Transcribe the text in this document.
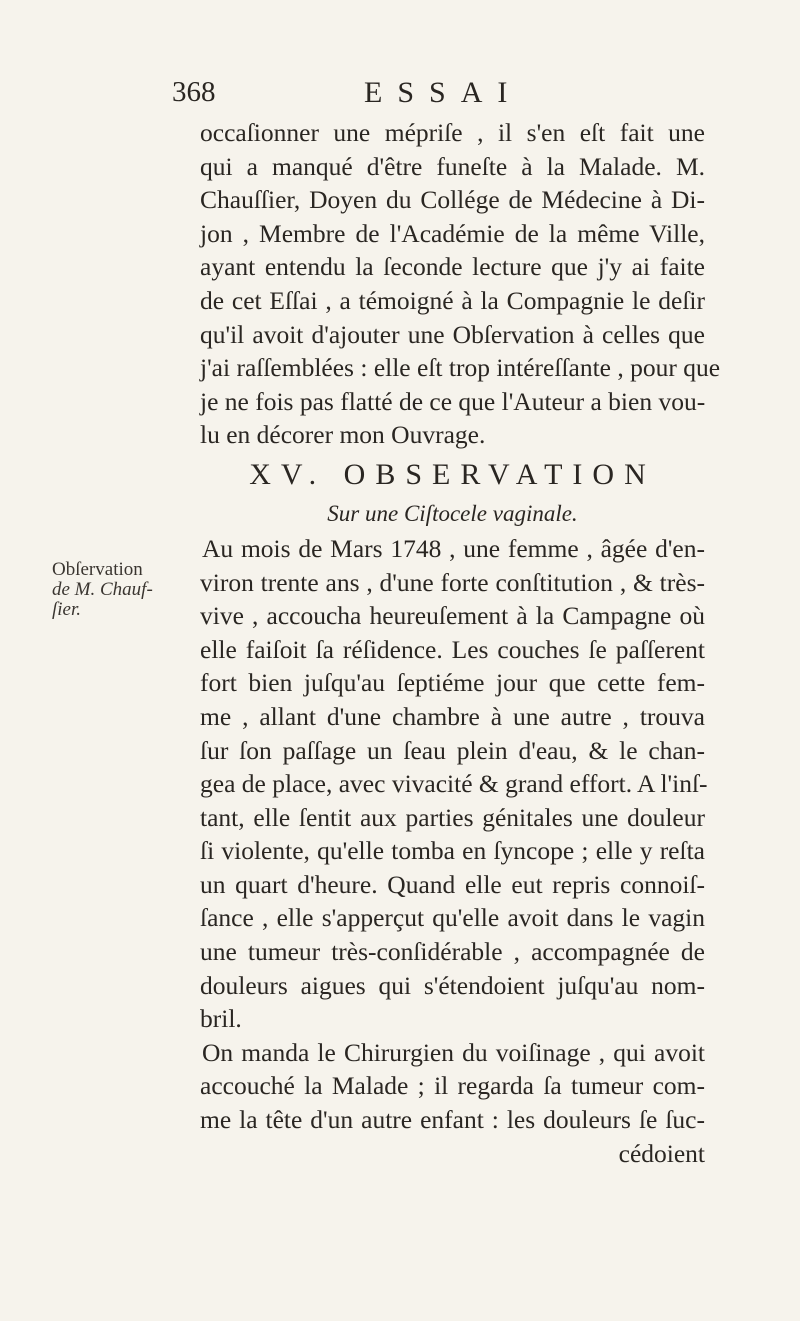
368	ESSAI
Obſervation
de M. Chauf-
ſier.
occaſionner une mépriſe , il s'en eſt fait une
qui a manqué d'être funeſte à la Malade. M.
Chauſſier, Doyen du Collége de Médecine à Di-
jon , Membre de l'Académie de la même Ville,
ayant entendu la ſeconde lecture que j'y ai faite
de cet Eſſai , a témoigné à la Compagnie le deſir
qu'il avoit d'ajouter une Obſervation à celles que
j'ai raſſemblées : elle eſt trop intéreſſante , pour que
je ne fois pas flatté de ce que l'Auteur a bien vou-
lu en décorer mon Ouvrage.
XV. OBSERVATION
Sur une Ciſtocele vaginale.
Au mois de Mars 1748 , une femme , âgée d'en-
viron trente ans , d'une forte conſtitution , & très-
vive , accoucha heureuſement à la Campagne où
elle faiſoit ſa réſidence. Les couches ſe paſſerent
fort bien juſqu'au ſeptiéme jour que cette fem-
me , allant d'une chambre à une autre , trouva
ſur ſon paſſage un ſeau plein d'eau, & le chan-
gea de place, avec vivacité & grand effort. A l'inſ-
tant, elle ſentit aux parties génitales une douleur
ſi violente, qu'elle tomba en ſyncope ; elle y reſta
un quart d'heure. Quand elle eut repris connoiſ-
ſance , elle s'apperçut qu'elle avoit dans le vagin
une tumeur très-conſidérable , accompagnée de
douleurs aigues qui s'étendoient juſqu'au nom-
bril.
On manda le Chirurgien du voiſinage , qui avoit
accouché la Malade ; il regarda ſa tumeur com-
me la tête d'un autre enfant : les douleurs ſe ſuc-
cédoient
